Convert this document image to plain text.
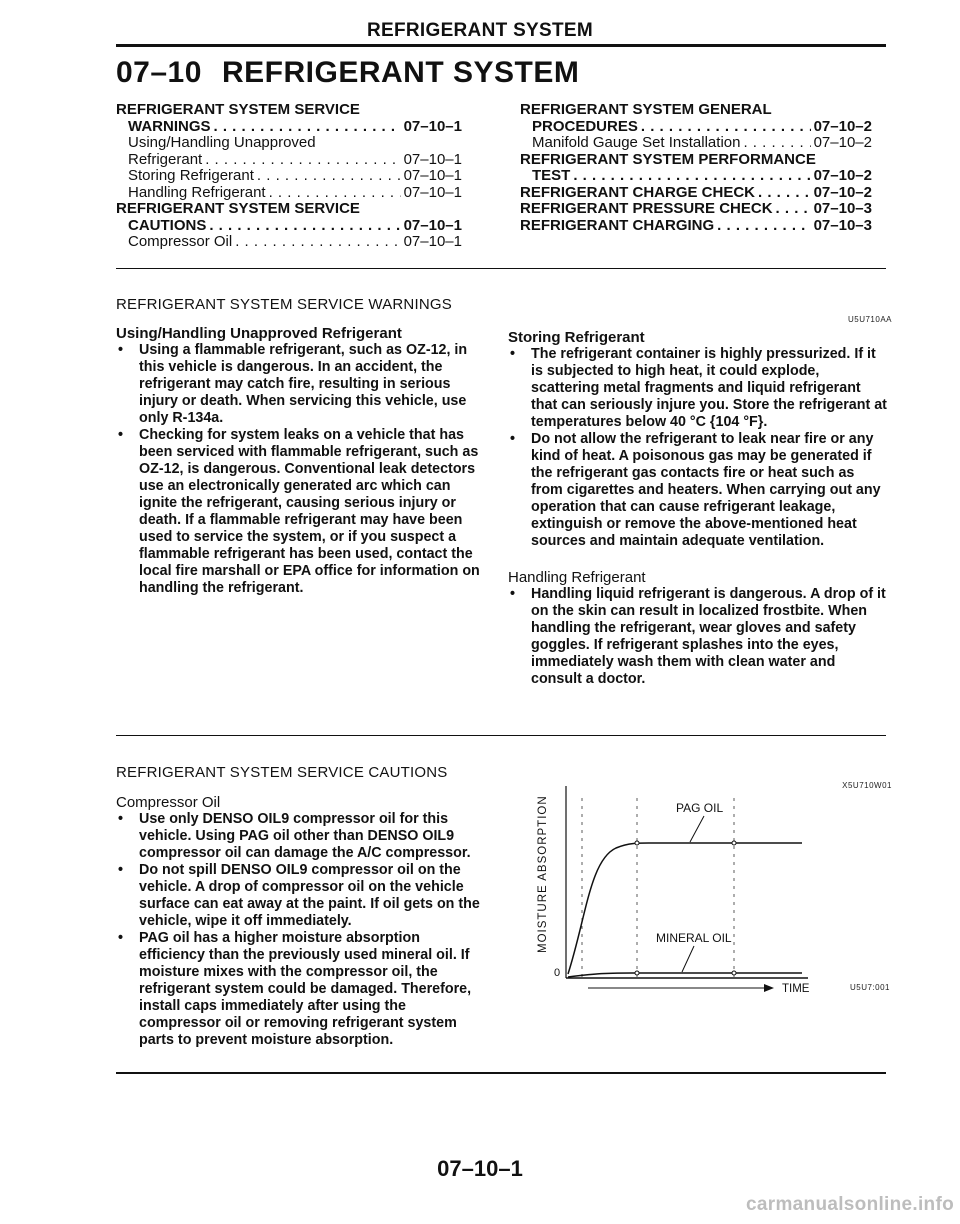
REFRIGERANT SYSTEM
07–10 REFRIGERANT SYSTEM
REFRIGERANT SYSTEM SERVICE
WARNINGS . . .	07–10–1
Using/Handling Unapproved
Refrigerant . . .	07–10–1
Storing Refrigerant . . .	07–10–1
Handling Refrigerant . . .	07–10–1
REFRIGERANT SYSTEM SERVICE
CAUTIONS . . .	07–10–1
Compressor Oil . . .	07–10–1
REFRIGERANT SYSTEM GENERAL
PROCEDURES . . .	07–10–2
Manifold Gauge Set Installation . . .	07–10–2
REFRIGERANT SYSTEM PERFORMANCE
TEST . . .	07–10–2
REFRIGERANT CHARGE CHECK . . .	07–10–2
REFRIGERANT PRESSURE CHECK . . .	07–10–3
REFRIGERANT CHARGING . . .	07–10–3
REFRIGERANT SYSTEM SERVICE WARNINGS
U5U710AA
Using/Handling Unapproved Refrigerant
• Using a flammable refrigerant, such as OZ-12, in this vehicle is dangerous. In an accident, the refrigerant may catch fire, resulting in serious injury or death. When servicing this vehicle, use only R-134a.
• Checking for system leaks on a vehicle that has been serviced with flammable refrigerant, such as OZ-12, is dangerous. Conventional leak detectors use an electronically generated arc which can ignite the refrigerant, causing serious injury or death. If a flammable refrigerant may have been used to service the system, or if you suspect a flammable refrigerant has been used, contact the local fire marshall or EPA office for information on handling the refrigerant.
Storing Refrigerant
• The refrigerant container is highly pressurized. If it is subjected to high heat, it could explode, scattering metal fragments and liquid refrigerant that can seriously injure you. Store the refrigerant at temperatures below 40 °C {104 °F}.
• Do not allow the refrigerant to leak near fire or any kind of heat. A poisonous gas may be generated if the refrigerant gas contacts fire or heat such as from cigarettes and heaters. When carrying out any operation that can cause refrigerant leakage, extinguish or remove the above-mentioned heat sources and maintain adequate ventilation.
Handling Refrigerant
• Handling liquid refrigerant is dangerous. A drop of it on the skin can result in localized frostbite. When handling the refrigerant, wear gloves and safety goggles. If refrigerant splashes into the eyes, immediately wash them with clean water and consult a doctor.
REFRIGERANT SYSTEM SERVICE CAUTIONS
X5U710W01
Compressor Oil
• Use only DENSO OIL9 compressor oil for this vehicle. Using PAG oil other than DENSO OIL9 compressor oil can damage the A/C compressor.
• Do not spill DENSO OIL9 compressor oil on the vehicle. A drop of compressor oil on the vehicle surface can eat away at the paint. If oil gets on the vehicle, wipe it off immediately.
• PAG oil has a higher moisture absorption efficiency than the previously used mineral oil. If moisture mixes with the compressor oil, the refrigerant system could be damaged. Therefore, install caps immediately after using the compressor oil or removing refrigerant system parts to prevent moisture absorption.
MOISTURE ABSORPTION
TIME
0
PAG OIL
MINERAL OIL
U5U7:001
07–10–1
carmanualsonline.info
